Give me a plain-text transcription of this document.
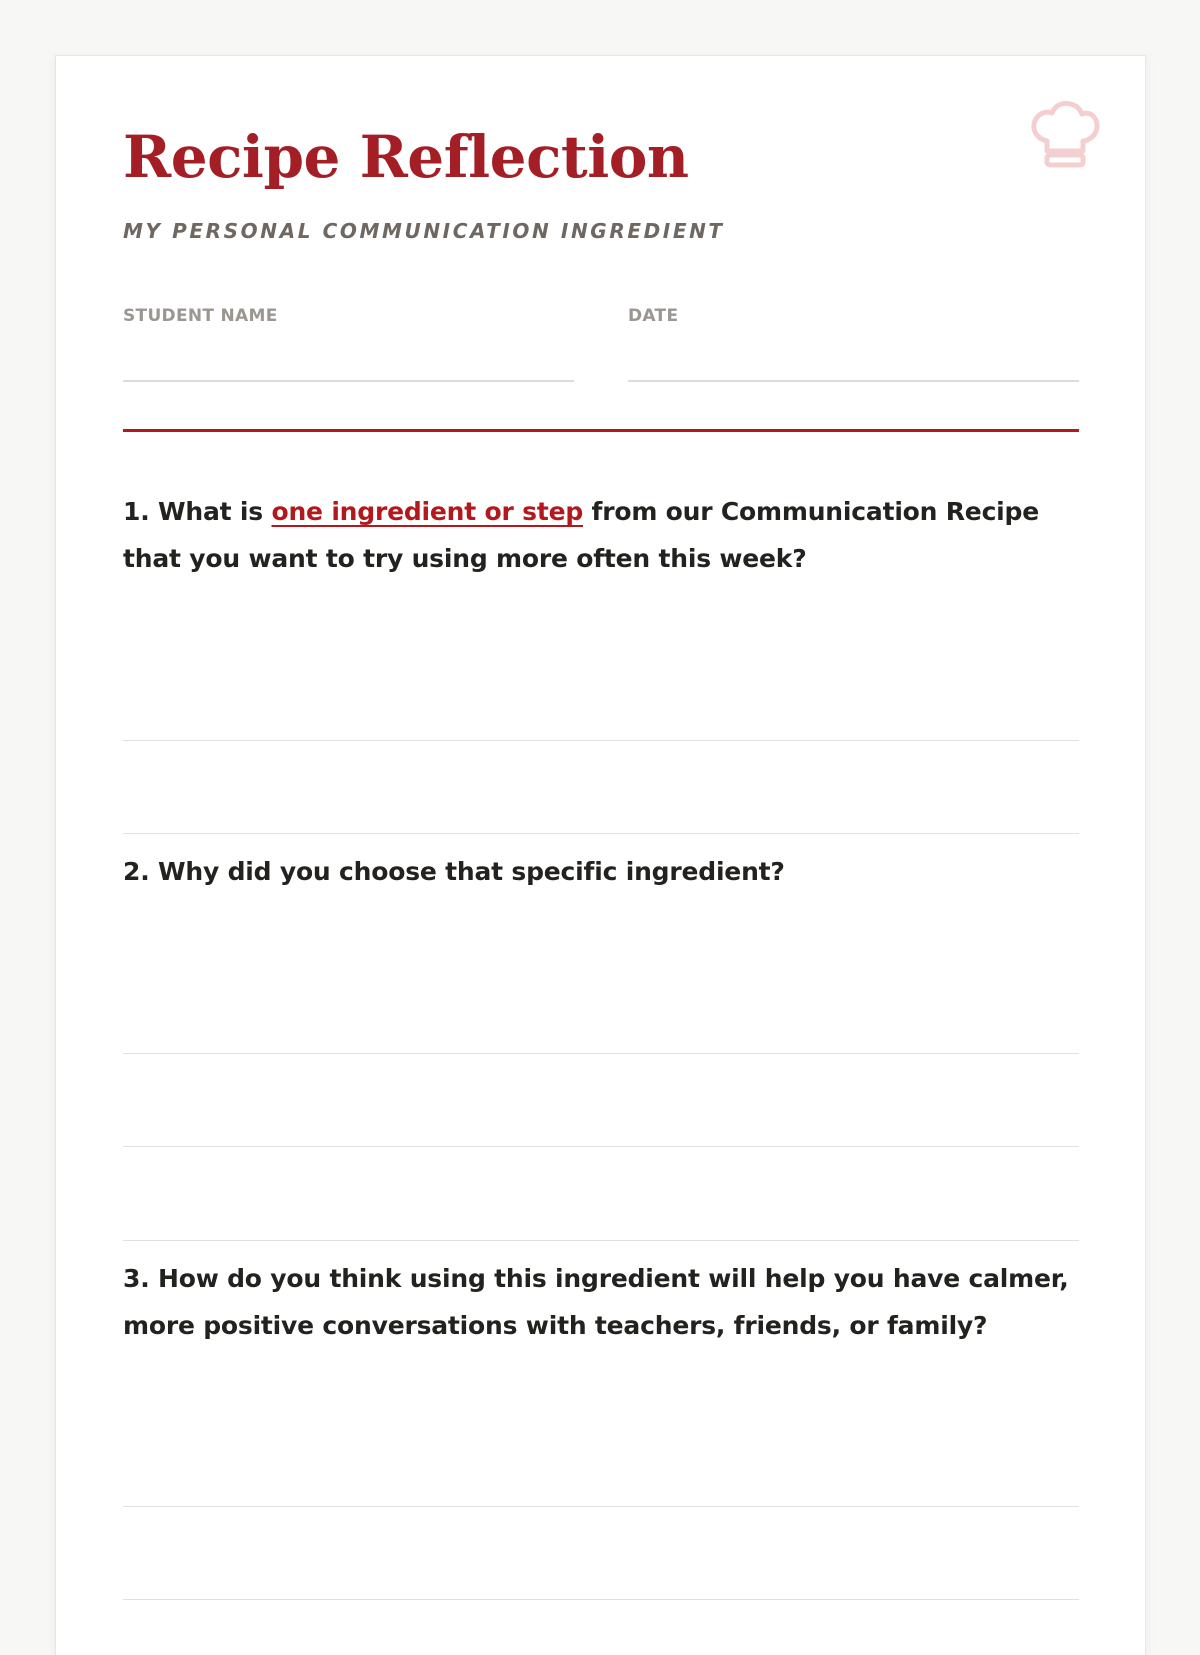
Recipe Reflection
MY PERSONAL COMMUNICATION INGREDIENT
STUDENT NAME	DATE
1. What is one ingredient or step from our Communication Recipe that you want to try using more often this week?
2. Why did you choose that specific ingredient?
3. How do you think using this ingredient will help you have calmer, more positive conversations with teachers, friends, or family?
